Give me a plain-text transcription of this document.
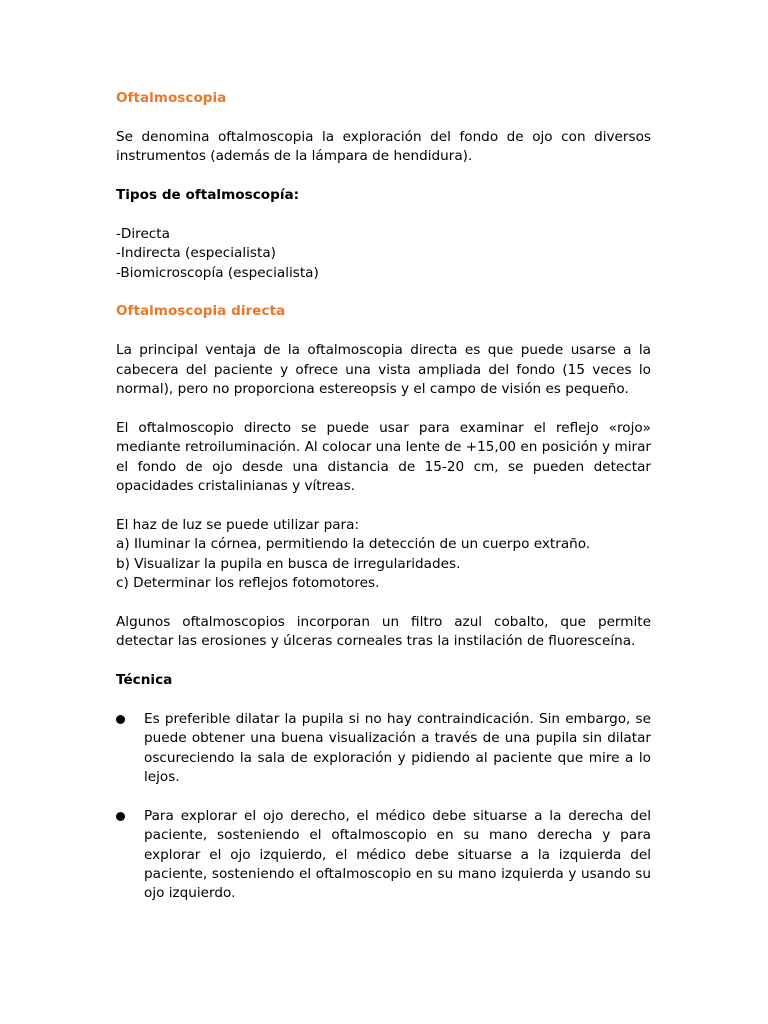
Oftalmoscopia

Se denomina oftalmoscopia la exploración del fondo de ojo con diversos instrumentos (además de la lámpara de hendidura).

Tipos de oftalmoscopía:

-Directa

-Indirecta (especialista)

-Biomicroscopía (especialista)

Oftalmoscopia directa

La principal ventaja de la oftalmoscopia directa es que puede usarse a la cabecera del paciente y ofrece una vista ampliada del fondo (15 veces lo normal), pero no proporciona estereopsis y el campo de visión es pequeño.

El oftalmoscopio directo se puede usar para examinar el reflejo «rojo» mediante retroiluminación. Al colocar una lente de +15,00 en posición y mirar el fondo de ojo desde una distancia de 15-20 cm, se pueden detectar opacidades cristalinianas y vítreas.

El haz de luz se puede utilizar para:

a) Iluminar la córnea, permitiendo la detección de un cuerpo extraño.

b) Visualizar la pupila en busca de irregularidades.

c) Determinar los reflejos fotomotores.

Algunos oftalmoscopios incorporan un filtro azul cobalto, que permite detectar las erosiones y úlceras corneales tras la instilación de fluoresceína.

Técnica

Es preferible dilatar la pupila si no hay contraindicación. Sin embargo, se puede obtener una buena visualización a través de una pupila sin dilatar oscureciendo la sala de exploración y pidiendo al paciente que mire a lo lejos.
Para explorar el ojo derecho, el médico debe situarse a la derecha del paciente, sosteniendo el oftalmoscopio en su mano derecha y para explorar el ojo izquierdo, el médico debe situarse a la izquierda del paciente, sosteniendo el oftalmoscopio en su mano izquierda y usando su ojo izquierdo.
